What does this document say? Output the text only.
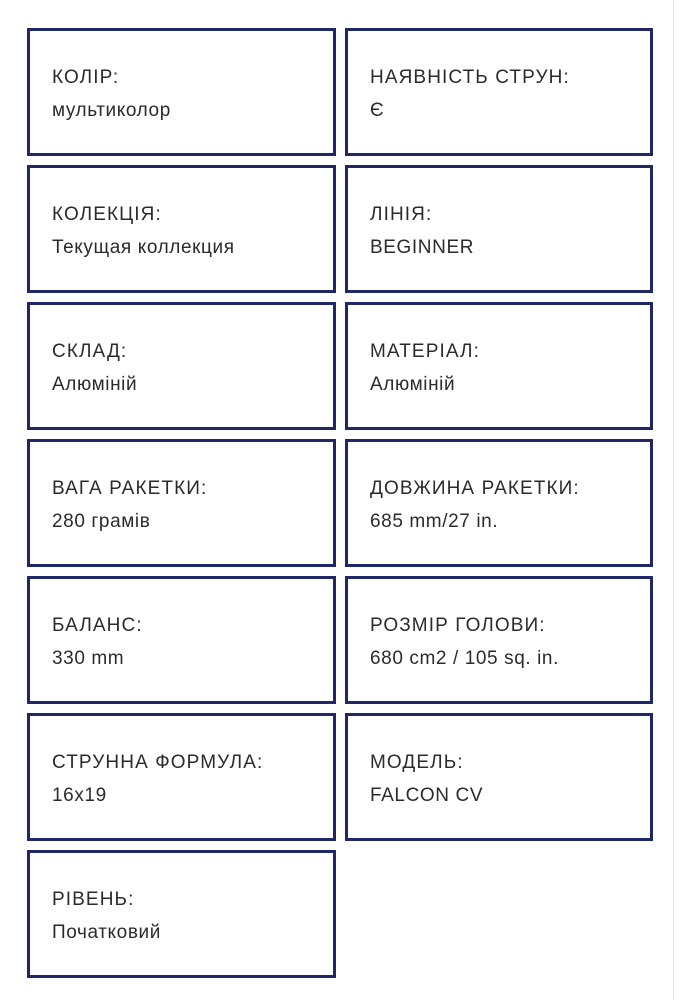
КОЛІР:
мультиколор
НАЯВНІСТЬ СТРУН:
Є
КОЛЕКЦІЯ:
Текущая коллекция
ЛІНІЯ:
BEGINNER
СКЛАД:
Алюміній
МАТЕРІАЛ:
Алюміній
ВАГА РАКЕТКИ:
280 грамів
ДОВЖИНА РАКЕТКИ:
685 mm/27 in.
БАЛАНС:
330 mm
РОЗМІР ГОЛОВИ:
680 cm2 / 105 sq. in.
СТРУННА ФОРМУЛА:
16x19
МОДЕЛЬ:
FALCON CV
РІВЕНЬ:
Початковий
